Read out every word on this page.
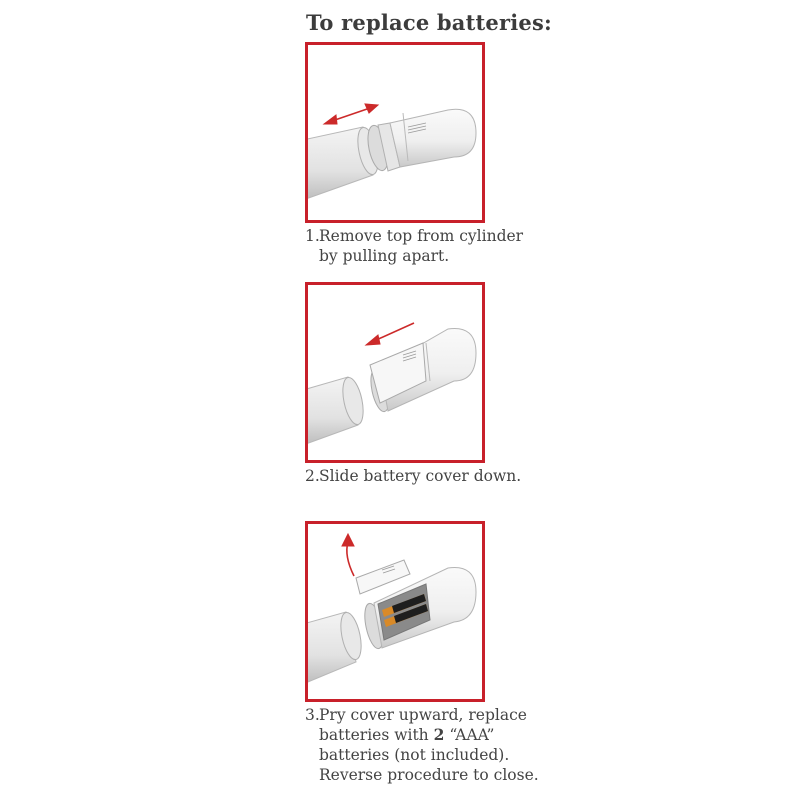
To replace batteries:
1.Remove top from cylinder
by pulling apart.
2.Slide battery cover down.
3.Pry cover upward, replace
batteries with 2 “AAA”
batteries (not included).
Reverse procedure to close.
